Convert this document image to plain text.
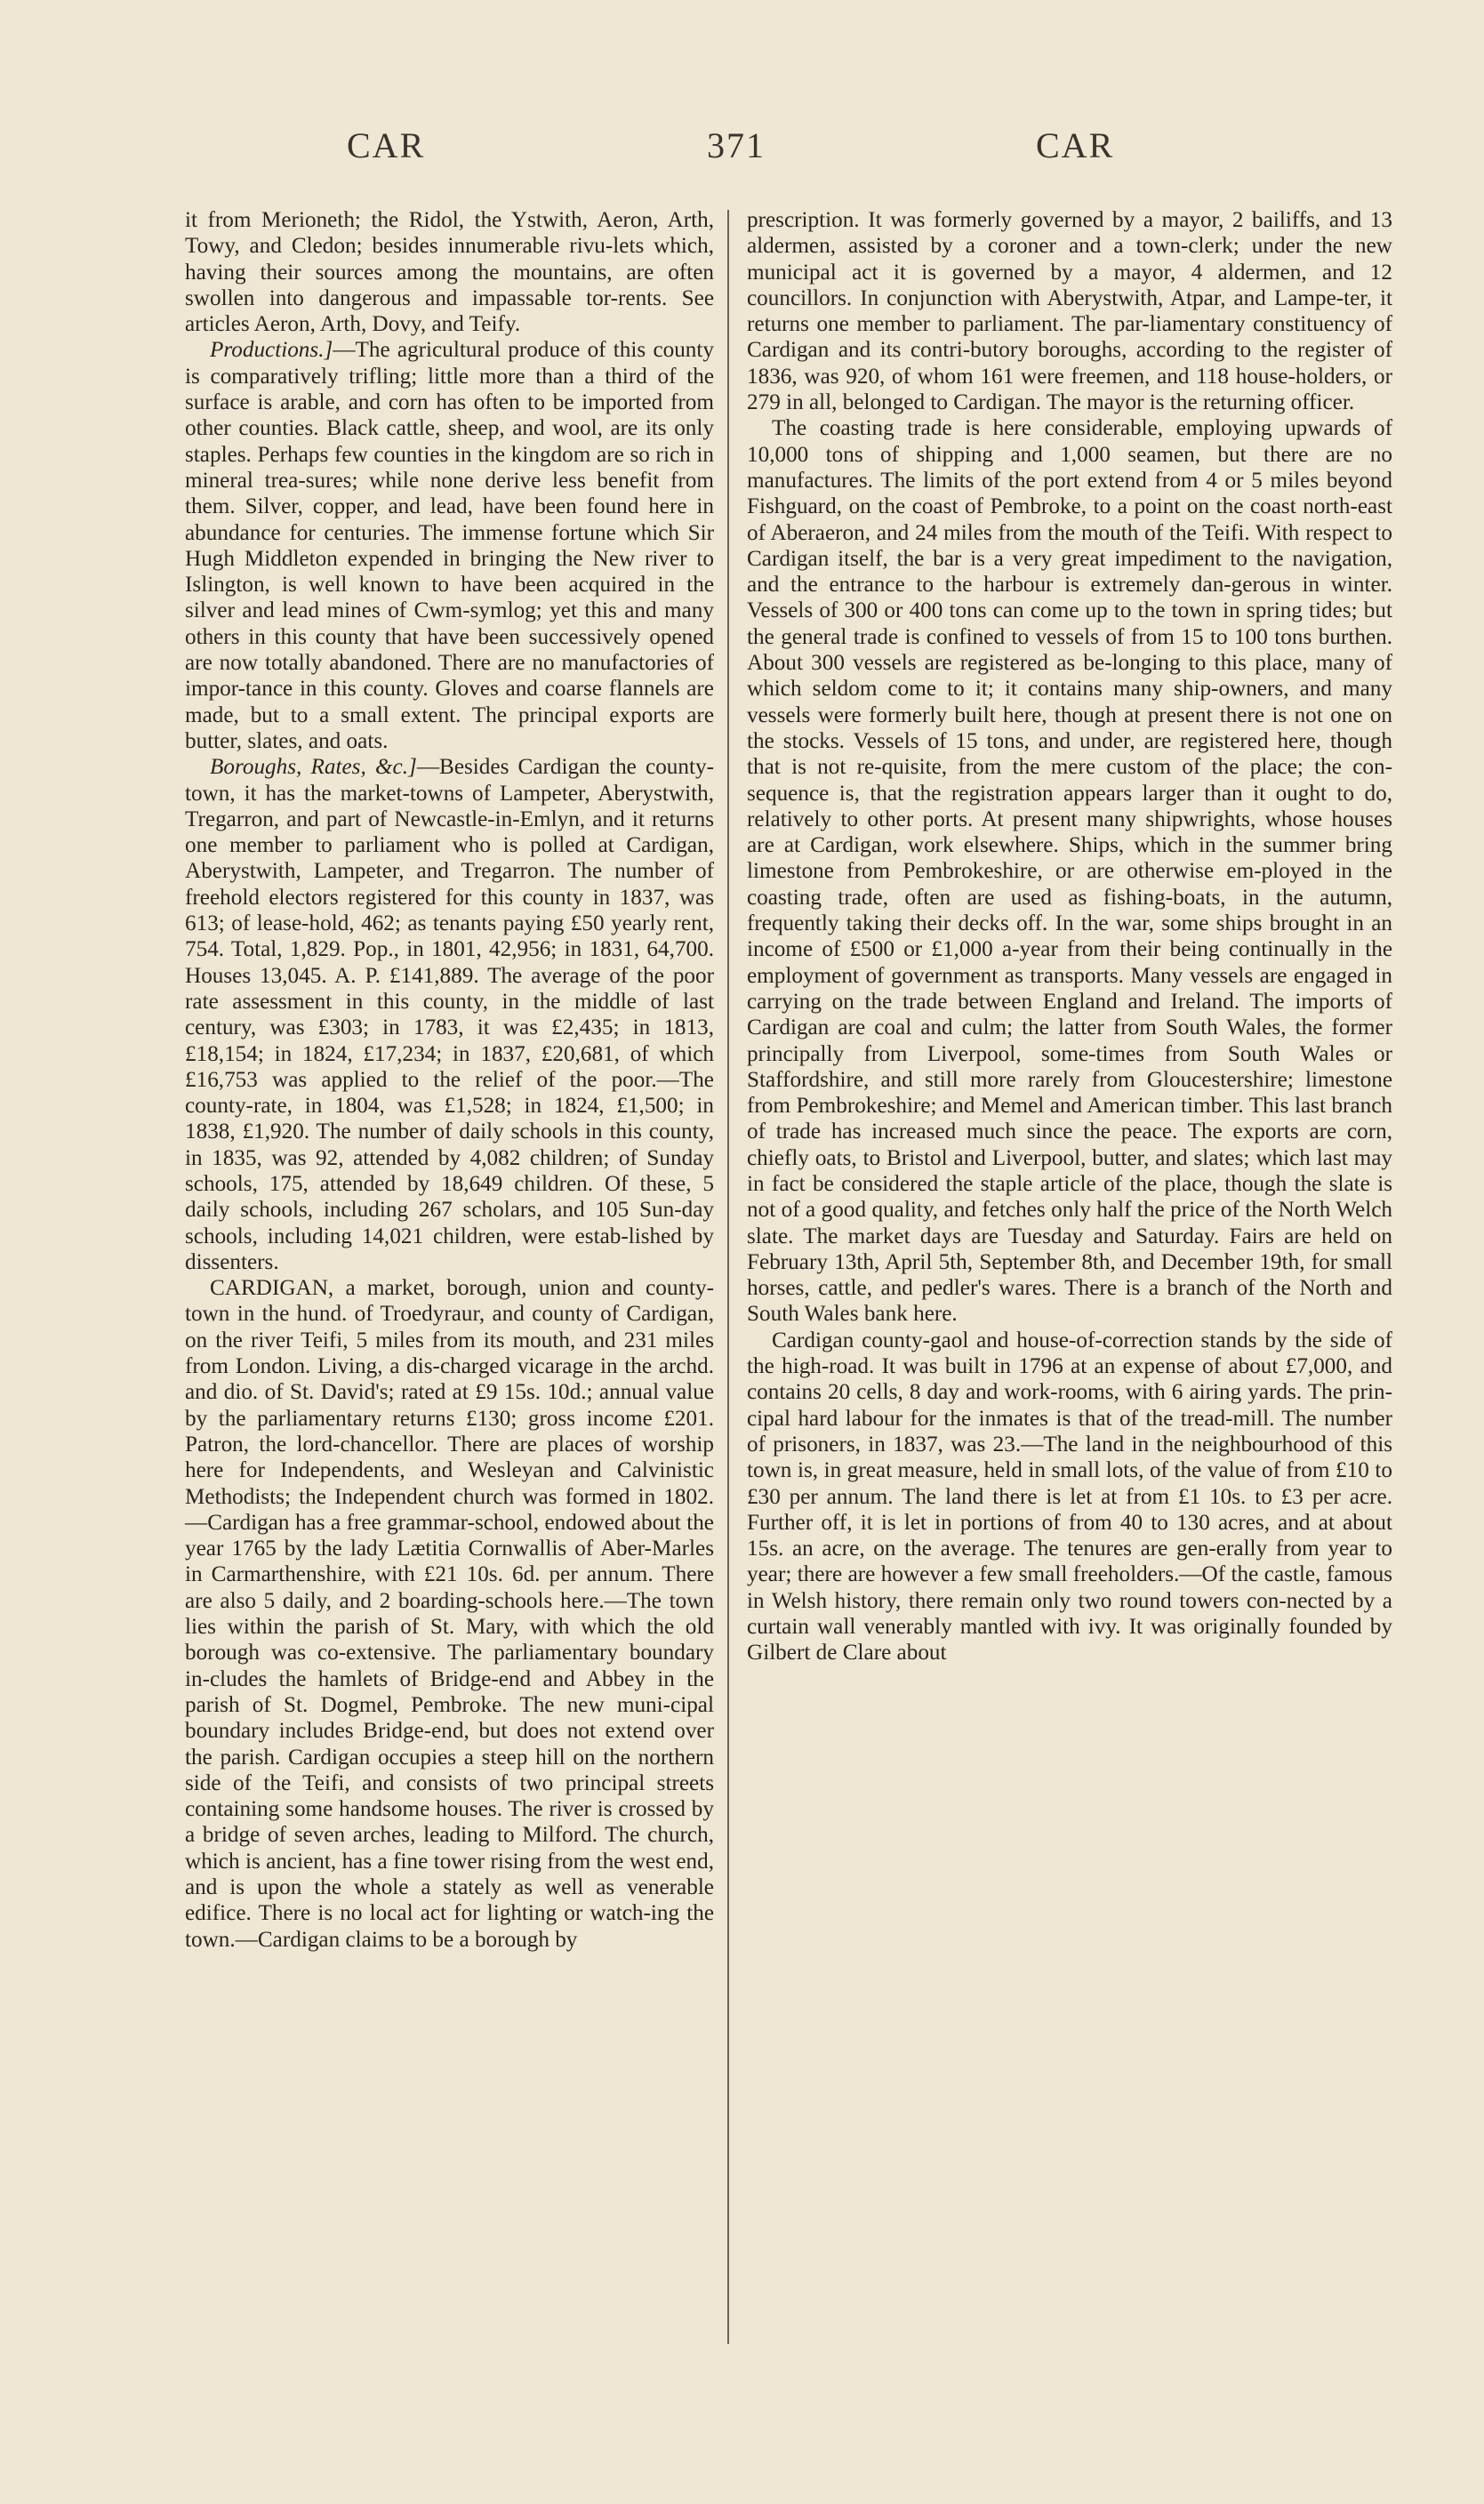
CAR	371	CAR

it from Merioneth; the Ridol, the Ystwith, Aeron, Arth, Towy, and Cledon; besides innumerable rivu-lets which, having their sources among the mountains, are often swollen into dangerous and impassable tor-rents. See articles Aeron, Arth, Dovy, and Teify.

Productions.]—The agricultural produce of this county is comparatively trifling; little more than a third of the surface is arable, and corn has often to be imported from other counties. Black cattle, sheep, and wool, are its only staples. Perhaps few counties in the kingdom are so rich in mineral trea-sures; while none derive less benefit from them. Silver, copper, and lead, have been found here in abundance for centuries. The immense fortune which Sir Hugh Middleton expended in bringing the New river to Islington, is well known to have been acquired in the silver and lead mines of Cwm-symlog; yet this and many others in this county that have been successively opened are now totally abandoned. There are no manufactories of impor-tance in this county. Gloves and coarse flannels are made, but to a small extent. The principal exports are butter, slates, and oats.

Boroughs, Rates, &c.]—Besides Cardigan the county-town, it has the market-towns of Lampeter, Aberystwith, Tregarron, and part of Newcastle-in-Emlyn, and it returns one member to parliament who is polled at Cardigan, Aberystwith, Lampeter, and Tregarron. The number of freehold electors registered for this county in 1837, was 613; of lease-hold, 462; as tenants paying £50 yearly rent, 754. Total, 1,829. Pop., in 1801, 42,956; in 1831, 64,700. Houses 13,045. A. P. £141,889. The average of the poor rate assessment in this county, in the middle of last century, was £303; in 1783, it was £2,435; in 1813, £18,154; in 1824, £17,234; in 1837, £20,681, of which £16,753 was applied to the relief of the poor.—The county-rate, in 1804, was £1,528; in 1824, £1,500; in 1838, £1,920. The number of daily schools in this county, in 1835, was 92, attended by 4,082 children; of Sunday schools, 175, attended by 18,649 children. Of these, 5 daily schools, including 267 scholars, and 105 Sun-day schools, including 14,021 children, were estab-lished by dissenters.

CARDIGAN, a market, borough, union and county-town in the hund. of Troedyraur, and county of Cardigan, on the river Teifi, 5 miles from its mouth, and 231 miles from London. Living, a dis-charged vicarage in the archd. and dio. of St. David's; rated at £9 15s. 10d.; annual value by the parliamentary returns £130; gross income £201. Patron, the lord-chancellor. There are places of worship here for Independents, and Wesleyan and Calvinistic Methodists; the Independent church was formed in 1802.—Cardigan has a free grammar-school, endowed about the year 1765 by the lady Lætitia Cornwallis of Aber-Marles in Carmarthenshire, with £21 10s. 6d. per annum. There are also 5 daily, and 2 boarding-schools here.—The town lies within the parish of St. Mary, with which the old borough was co-extensive. The parliamentary boundary in-cludes the hamlets of Bridge-end and Abbey in the parish of St. Dogmel, Pembroke. The new muni-cipal boundary includes Bridge-end, but does not extend over the parish. Cardigan occupies a steep hill on the northern side of the Teifi, and consists of two principal streets containing some handsome houses. The river is crossed by a bridge of seven arches, leading to Milford. The church, which is ancient, has a fine tower rising from the west end, and is upon the whole a stately as well as venerable edifice. There is no local act for lighting or watch-ing the town.—Cardigan claims to be a borough by

prescription. It was formerly governed by a mayor, 2 bailiffs, and 13 aldermen, assisted by a coroner and a town-clerk; under the new municipal act it is governed by a mayor, 4 aldermen, and 12 councillors. In conjunction with Aberystwith, Atpar, and Lampe-ter, it returns one member to parliament. The par-liamentary constituency of Cardigan and its contri-butory boroughs, according to the register of 1836, was 920, of whom 161 were freemen, and 118 house-holders, or 279 in all, belonged to Cardigan. The mayor is the returning officer.

The coasting trade is here considerable, employing upwards of 10,000 tons of shipping and 1,000 seamen, but there are no manufactures. The limits of the port extend from 4 or 5 miles beyond Fishguard, on the coast of Pembroke, to a point on the coast north-east of Aberaeron, and 24 miles from the mouth of the Teifi. With respect to Cardigan itself, the bar is a very great impediment to the navigation, and the entrance to the harbour is extremely dan-gerous in winter. Vessels of 300 or 400 tons can come up to the town in spring tides; but the general trade is confined to vessels of from 15 to 100 tons burthen. About 300 vessels are registered as be-longing to this place, many of which seldom come to it; it contains many ship-owners, and many vessels were formerly built here, though at present there is not one on the stocks. Vessels of 15 tons, and under, are registered here, though that is not re-quisite, from the mere custom of the place; the con-sequence is, that the registration appears larger than it ought to do, relatively to other ports. At present many shipwrights, whose houses are at Cardigan, work elsewhere. Ships, which in the summer bring limestone from Pembrokeshire, or are otherwise em-ployed in the coasting trade, often are used as fishing-boats, in the autumn, frequently taking their decks off. In the war, some ships brought in an income of £500 or £1,000 a-year from their being continually in the employment of government as transports. Many vessels are engaged in carrying on the trade between England and Ireland. The imports of Cardigan are coal and culm; the latter from South Wales, the former principally from Liverpool, some-times from South Wales or Staffordshire, and still more rarely from Gloucestershire; limestone from Pembrokeshire; and Memel and American timber. This last branch of trade has increased much since the peace. The exports are corn, chiefly oats, to Bristol and Liverpool, butter, and slates; which last may in fact be considered the staple article of the place, though the slate is not of a good quality, and fetches only half the price of the North Welch slate. The market days are Tuesday and Saturday. Fairs are held on February 13th, April 5th, September 8th, and December 19th, for small horses, cattle, and pedler's wares. There is a branch of the North and South Wales bank here.

Cardigan county-gaol and house-of-correction stands by the side of the high-road. It was built in 1796 at an expense of about £7,000, and contains 20 cells, 8 day and work-rooms, with 6 airing yards. The prin-cipal hard labour for the inmates is that of the tread-mill. The number of prisoners, in 1837, was 23.—The land in the neighbourhood of this town is, in great measure, held in small lots, of the value of from £10 to £30 per annum. The land there is let at from £1 10s. to £3 per acre. Further off, it is let in portions of from 40 to 130 acres, and at about 15s. an acre, on the average. The tenures are gen-erally from year to year; there are however a few small freeholders.—Of the castle, famous in Welsh history, there remain only two round towers con-nected by a curtain wall venerably mantled with ivy. It was originally founded by Gilbert de Clare about
